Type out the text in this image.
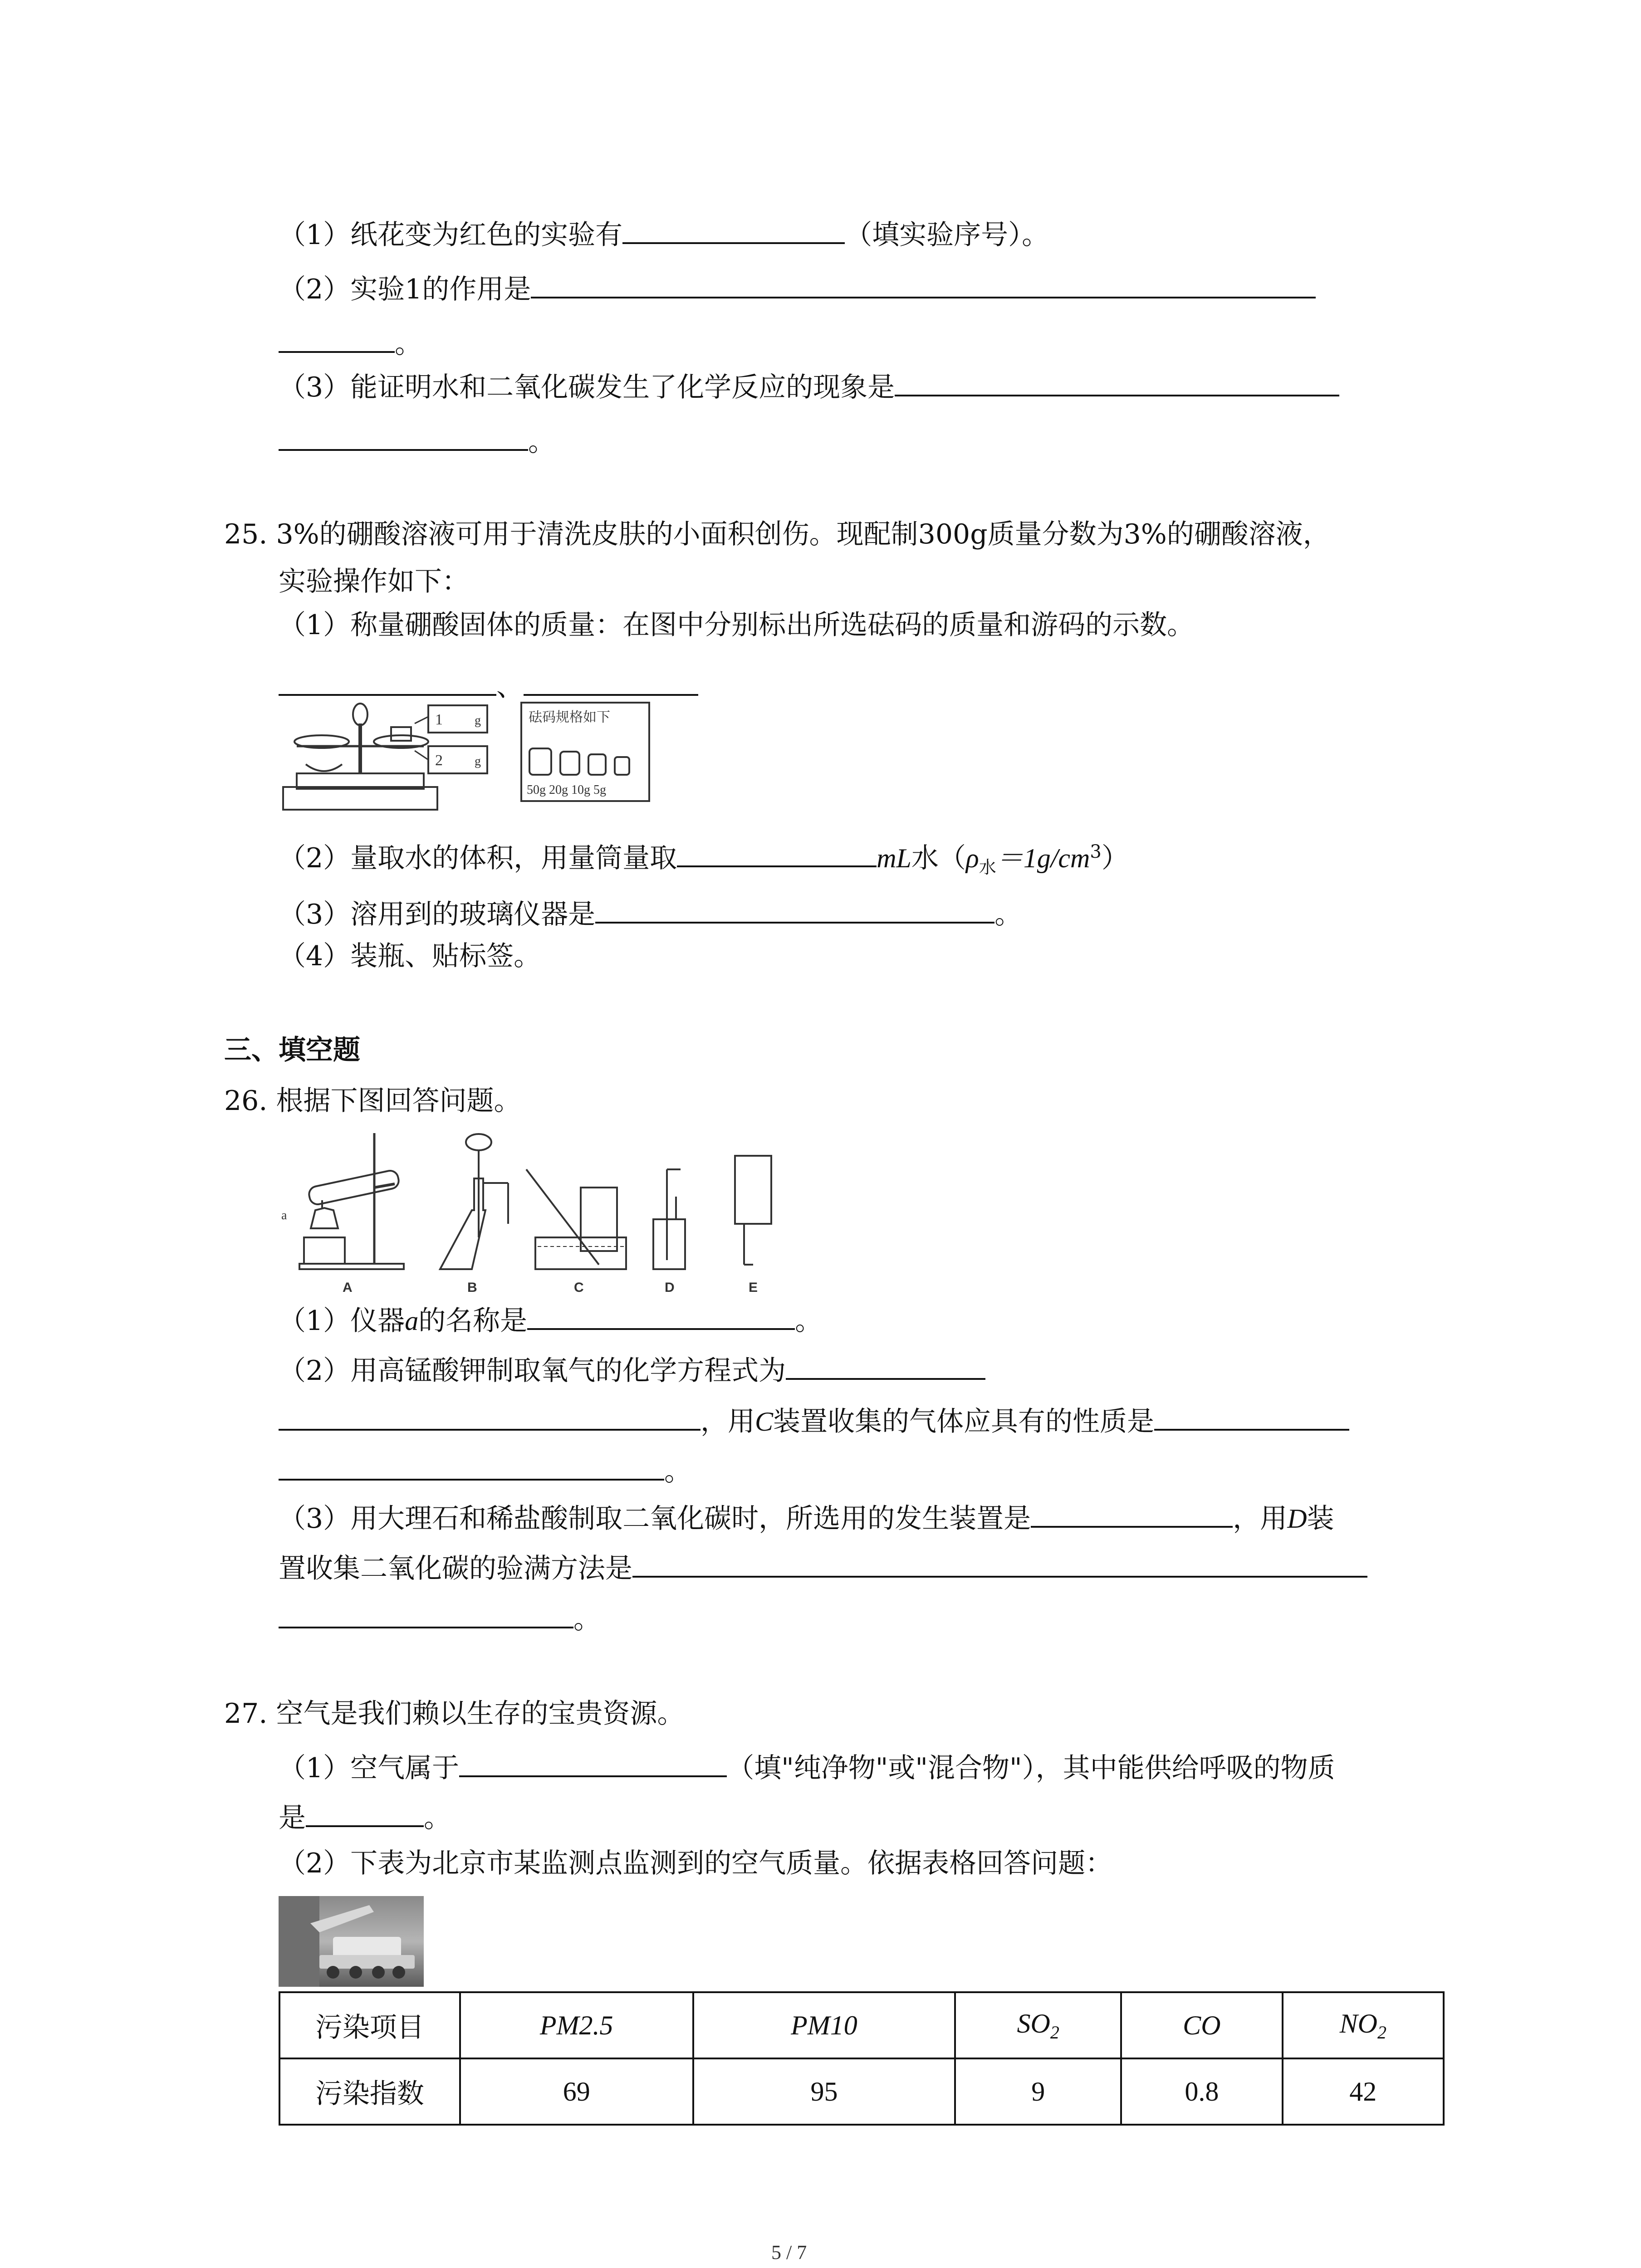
（1）纸花变为红色的实验有	（填实验序号）。
（2）实验1的作用是
。
（3）能证明水和二氧化碳发生了化学反应的现象是
。
25. 3%的硼酸溶液可用于清洗皮肤的小面积创伤。现配制300g质量分数为3%的硼酸溶液，
实验操作如下：
（1）称量硼酸固体的质量：在图中分别标出所选砝码的质量和游码的示数。
、
1	g
2	g
砝码规格如下
50g 20g 10g 5g
（2）量取水的体积，用量筒量取	mL水$(\rho_水=1g/cm^3)$
（3）溶用到的玻璃仪器是	。
（4）装瓶、贴标签。
三、填空题
26. 根据下图回答问题。
a
A	B	C	D	E
（1）仪器a的名称是	。
（2）用高锰酸钾制取氧气的化学方程式为
，用C装置收集的气体应具有的性质是
。
（3）用大理石和稀盐酸制取二氧化碳时，所选用的发生装置是	，用D装
置收集二氧化碳的验满方法是
。
27. 空气是我们赖以生存的宝贵资源。
（1）空气属于	（填"纯净物"或"混合物"），其中能供给呼吸的物质
是	。
（2）下表为北京市某监测点监测到的空气质量。依据表格回答问题：
污染项目	PM2.5	PM10	$SO_2$	CO	$NO_2$
污染指数	69	95	9	0.8	42
5 / 7
